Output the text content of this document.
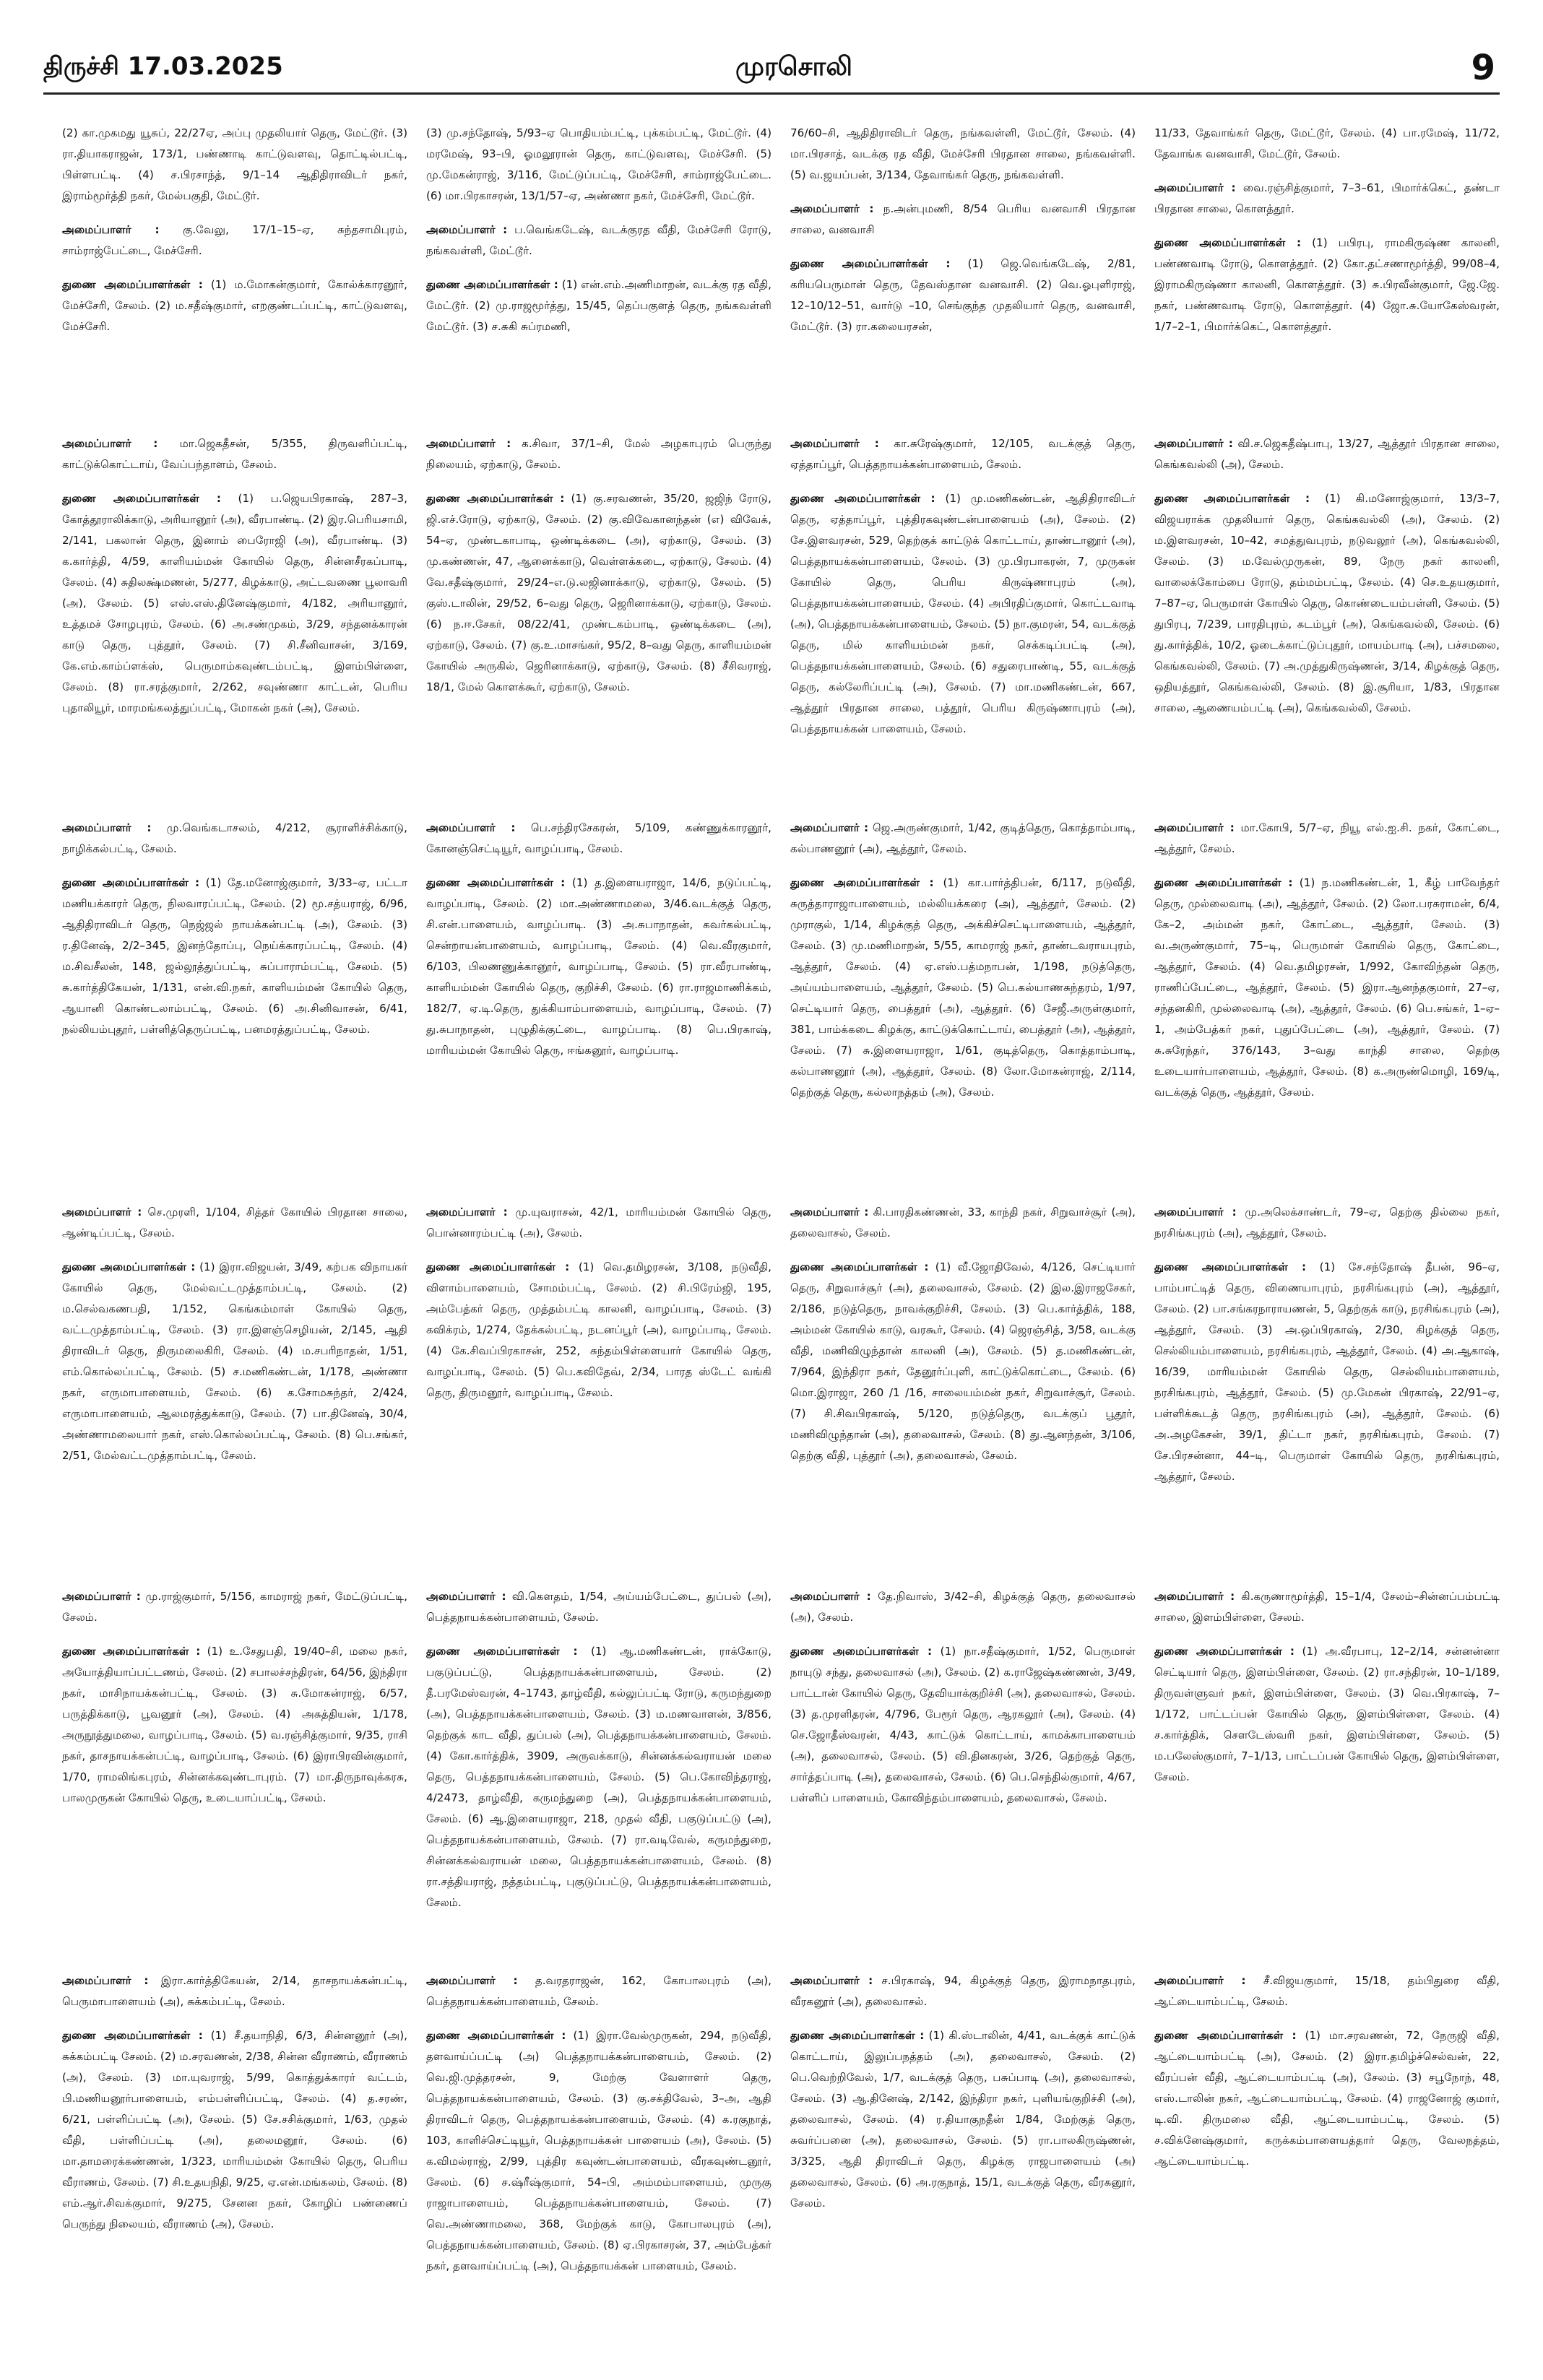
திருச்சி 17.03.2025	முரசொலி	9

(2) கா.முகமது யூசுப், 22/27ஏ, அப்பு முதலியார் தெரு, மேட்டூர். (3) ரா.தியாகராஜன், 173/1, பண்ணாடி காட்டுவளவு, தொட்டில்பட்டி, பிள்ளபட்டி. (4) ச.பிரசாந்த், 9/1–14 ஆதிதிராவிடர் நகர், இராம்மூர்த்தி நகர், மேல்பகுதி, மேட்டூர்.

அமைப்பாளர் : கு.வேலு, 17/1–15–ஏ, சுந்தசாமிபுரம், சாம்ராஜ்பேட்டை, மேச்சேரி.

துணை அமைப்பாளர்கள் : (1) ம.மோகன்குமார், கோல்க்காரனூர், மேச்சேரி, சேலம். (2) ம.சதீஷ்குமார், எறகுண்டப்பட்டி, காட்டுவளவு, மேச்சேரி.

(3) மு.சந்தோஷ், 5/93–ஏ பொதியம்பட்டி, புக்கம்பட்டி, மேட்டூர். (4) மரமேஷ், 93–பி, ஓமலூரான் தெரு, காட்டுவளவு, மேச்சேரி. (5) மு.மேகன்ராஜ், 3/116, மேட்டுப்பட்டி, மேச்சேரி, சாம்ராஜ்பேட்டை. (6) மா.பிரகாசரன், 13/1/57–ஏ, அண்ணா நகர், மேச்சேரி, மேட்டூர்.

அமைப்பாளர் : ப.வெங்கடேஷ், வடக்குரத வீதி, மேச்சேரி ரோடு, நங்கவள்ளி, மேட்டூர்.

துணை அமைப்பாளர்கள் : (1) என்.எம்.அணிமாறன், வடக்கு ரத வீதி, மேட்டூர். (2) மு.ராஜமூர்த்து, 15/45, தெப்பகுளத் தெரு, நங்கவள்ளி மேட்டூர். (3) ச.சுகி சுப்ரமணி,

76/60–சி, ஆதிதிராவிடர் தெரு, நங்கவள்ளி, மேட்டூர், சேலம். (4) மா.பிரசாத், வடக்கு ரத வீதி, மேச்சேரி பிரதான சாலை, நங்கவள்ளி. (5) வ.ஜயப்பன், 3/134, தேவாங்கர் தெரு, நங்கவள்ளி.

அமைப்பாளர் : ந.அன்புமணி, 8/54 பெரிய வனவாசி பிரதான சாலை, வனவாசி

துணை அமைப்பாளர்கள் : (1) ஜெ.வெங்கடேஷ், 2/81, கரியபெருமாள் தெரு, தேவஸ்தான வனவாசி. (2) வெ.ஓபுளிராஜ், 12–10/12–51, வார்டு –10, செங்குந்த முதலியார் தெரு, வனவாசி, மேட்டூர். (3) ரா.கலையரசன்,

11/33, தேவாங்கர் தெரு, மேட்டூர், சேலம். (4) பா.ரமேஷ், 11/72, தேவாங்க வனவாசி, மேட்டூர், சேலம்.

அமைப்பாளர் : வை.ரஞ்சித்குமார், 7–3–61, பிமார்க்கெட், தண்டா பிரதான சாலை, கொளத்தூர்.

துணை அமைப்பாளர்கள் : (1) பபிரபு, ராமகிருஷ்ண காலனி, பண்ணவாடி ரோடு, கொளத்தூர். (2) கோ.தட்சணாமூர்த்தி, 99/08–4, இராமகிருஷ்ணா காலனி, கொளத்தூர். (3) சு.பிரவீன்குமார், ஜே.ஜே. நகர், பண்ணவாடி ரோடு, கொளத்தூர். (4) ஜோ.சு.யோகேஸ்வரன், 1/7–2–1, பிமார்க்கெட், கொளத்தூர்.

அமைப்பாளர் : மா.ஜெகதீசன், 5/355, திருவளிப்பட்டி, காட்டுக்கொட்டாய், வேப்பந்தாளம், சேலம்.

துணை அமைப்பாளர்கள் : (1) ப.ஜெயபிரகாஷ், 287–3, கோத்தூராலிக்காடு, அரியானூர் (அ), வீரபாண்டி. (2) இர.பெரியசாமி, 2/141, பகலான் தெரு, இனாம் பைரோஜி (அ), வீரபாண்டி. (3) க.கார்த்தி, 4/59, காளியம்மன் கோயில் தெரு, சின்னசீரகப்பாடி, சேலம். (4) சுதிலக்ஷ்மணன், 5/277, கிழக்காடு, அட்டவணை பூலாவரி (அ), சேலம். (5) எஸ்.எஸ்.தினேஷ்குமார், 4/182, அரியானூர், உத்தமச் சோழபுரம், சேலம். (6) அ.சண்முகம், 3/29, சந்தனக்காரன் காடு தெரு, புத்தூர், சேலம். (7) சி.சீனிவாசன், 3/169, கே.எம்.காம்ப்ளக்ஸ், பெருமாம்கவுண்டம்பட்டி, இளம்பிள்ளை, சேலம். (8) ரா.சரத்குமார், 2/262, சவுண்ணா காட்டன், பெரிய புதாலியூர், மாரமங்கலத்துப்பட்டி, மோகன் நகர் (அ), சேலம்.

அமைப்பாளர் : க.சிவா, 37/1–சி, மேல் அழகாபுரம் பெருந்து நிலையம், ஏற்காடு, சேலம்.

துணை அமைப்பாளர்கள் : (1) கு.சரவணன், 35/20, ஜஜிந் ரோடு, ஜி.எச்.ரோடு, ஏற்காடு, சேலம். (2) கு.விவேகானந்தன் (எ) விவேக், 54–ஏ, முண்டகாபாடி, ஒண்டிக்கடை (அ), ஏற்காடு, சேலம். (3) மு.கண்ணன், 47, ஆனைக்காடு, வெள்ளக்கடை, ஏற்காடு, சேலம். (4) வே.சதீஷ்குமார், 29/24–எ.டு.லஜினாக்காடு, ஏற்காடு, சேலம். (5) குஸ்.டாலின், 29/52, 6–வது தெரு, ஜெரினாக்காடு, ஏற்காடு, சேலம். (6) ந.ஈ.சேகர், 08/22/41, முண்டகம்பாடி, ஒண்டிக்கடை (அ), ஏற்காடு, சேலம். (7) கு.உ.மாசங்கர், 95/2, 8–வது தெரு, காளியம்மன் கோயில் அருகில், ஜெரினாக்காடு, ஏற்காடு, சேலம். (8) சீசிவராஜ், 18/1, மேல் கொளக்கூர், ஏற்காடு, சேலம்.

அமைப்பாளர் : கா.சுரேஷ்குமார், 12/105, வடக்குத் தெரு, ஏத்தாப்பூர், பெத்தநாயக்கன்பாளையம், சேலம்.

துணை அமைப்பாளர்கள் : (1) மு.மணிகண்டன், ஆதிதிராவிடர் தெரு, ஏத்தாப்பூர், புத்திரகவுண்டன்பாளையம் (அ), சேலம். (2) சே.இளவரசன், 529, தெற்குக் காட்டுக் கொட்டாய், தாண்டானூர் (அ), பெத்தநாயக்கன்பாளையம், சேலம். (3) மு.பிரபாகரன், 7, முருகன் கோயில் தெரு, பெரிய கிருஷ்ணாபுரம் (அ), பெத்தநாயக்கன்பாளையம், சேலம். (4) அபிரதிப்குமார், கொட்டவாடி (அ), பெத்தநாயக்கன்பாளையம், சேலம். (5) நா.குமரன், 54, வடக்குத் தெரு, மில் காளியம்மன் நகர், செக்கடிப்பட்டி (அ), பெத்தநாயக்கன்பாளையம், சேலம். (6) சதுரைபாண்டி, 55, வடக்குத் தெரு, கல்லேரிப்பட்டி (அ), சேலம். (7) மா.மணிகண்டன், 667, ஆத்தூர் பிரதான சாலை, பத்தூர், பெரிய கிருஷ்ணாபுரம் (அ), பெத்தநாயக்கன் பாளையம், சேலம்.

அமைப்பாளர் : வி.ச.ஜெகதீஷ்பாபு, 13/27, ஆத்தூர் பிரதான சாலை, கெங்கவல்லி (அ), சேலம்.

துணை அமைப்பாளர்கள் : (1) கி.மனோஜ்குமார், 13/3–7, விஜயராக்க முதலியார் தெரு, கெங்கவல்லி (அ), சேலம். (2) ம.இளவரசன், 10–42, சமத்துவபுரம், நடுவலூர் (அ), கெங்கவல்லி, சேலம். (3) ம.வேல்முருகன், 89, நேரு நகர் காலனி, வாலைக்கோம்பை ரோடு, தம்மம்பட்டி, சேலம். (4) செ.உதயகுமார், 7–87–ஏ, பெருமாள் கோயில் தெரு, கொண்டையம்பள்ளி, சேலம். (5) துபிரபு, 7/239, பாரதிபுரம், கடம்பூர் (அ), கெங்கவல்லி, சேலம். (6) து.கார்த்திக், 10/2, ஓடைக்காட்டுப்புதூர், மாயம்பாடி (அ), பச்சமலை, கெங்கவல்லி, சேலம். (7) அ.முத்துகிருஷ்ணன், 3/14, கிழக்குத் தெரு, ஒதியத்தூர், கெங்கவல்லி, சேலம். (8) இ.சூரியா, 1/83, பிரதான சாலை, ஆணையம்பட்டி (அ), கெங்கவல்லி, சேலம்.

அமைப்பாளர் : மு.வெங்கடாசலம், 4/212, சூராளிச்சிக்காடு, நாழிக்கல்பட்டி, சேலம்.

துணை அமைப்பாளர்கள் : (1) தே.மனோஜ்குமார், 3/33–ஏ, பட்டா மணியக்காரர் தெரு, நிலவாரப்பட்டி, சேலம். (2) மூ.சத்யராஜ், 6/96, ஆதிதிராவிடர் தெரு, நெஜ்ஜல் நாயக்கன்பட்டி (அ), சேலம். (3) ர.தினேஷ், 2/2–345, இனந்தோப்பு, நெய்க்காரப்பட்டி, சேலம். (4) ம.சிவசீலன், 148, ஜல்லூத்துப்பட்டி, சுப்பாராம்பட்டி, சேலம். (5) சு.கார்த்திகேயன், 1/131, என்.வி.நகர், காளியம்மன் கோயில் தெரு, ஆயானி கொண்டலாம்பட்டி, சேலம். (6) அ.சினிவாசன், 6/41, நல்லியம்புதூர், பள்ளித்தெருப்பட்டி, பனமரத்துப்பட்டி, சேலம்.

அமைப்பாளர் : பெ.சந்திரசேகரன், 5/109, கண்ணுக்காரனூர், கோனஞ்செட்டியூர், வாழப்பாடி, சேலம்.

துணை அமைப்பாளர்கள் : (1) த.இளையராஜா, 14/6, நடுப்பட்டி, வாழப்பாடி, சேலம். (2) மா.அண்ணாமலை, 3/46.வடக்குத் தெரு, சி.என்.பாளையம், வாழப்பாடி. (3) அ.சுபாநாதன், கவர்கல்பட்டி, சென்றாயன்பாளையம், வாழப்பாடி, சேலம். (4) வெ.வீரகுமார், 6/103, பிலணணுக்கானூர், வாழப்பாடி, சேலம். (5) ரா.வீரபாண்டி, காளியம்மன் கோயில் தெரு, குறிச்சி, சேலம். (6) ரா.ராஜமாணிக்கம், 182/7, ஏ.டி.தெரு, துக்கியாம்பாளையம், வாழப்பாடி, சேலம். (7) து.சுபாநாதன், புழுதிக்குட்டை, வாழப்பாடி. (8) பெ.பிரகாஷ், மாரியம்மன் கோயில் தெரு, ஈங்கனூர், வாழப்பாடி.

அமைப்பாளர் : ஜெ.அருண்குமார், 1/42, குடித்தெரு, கொத்தாம்பாடி, கல்பாணனூர் (அ), ஆத்தூர், சேலம்.

துணை அமைப்பாளர்கள் : (1) கா.பார்த்திபன், 6/117, நடுவீதி, சுருத்தாராஜாபாளையம், மல்லியக்கரை (அ), ஆத்தூர், சேலம். (2) முராகுல், 1/14, கிழக்குத் தெரு, அக்கிச்செட்டிபாளையம், ஆத்தூர், சேலம். (3) மு.மணிமாறன், 5/55, காமராஜ் நகர், தாண்டவராயபுரம், ஆத்தூர், சேலம். (4) ஏ.எஸ்.பத்மநாபன், 1/198, நடுத்தெரு, அய்யம்பாளையம், ஆத்தூர், சேலம். (5) பெ.கல்யாணசுந்தரம், 1/97, செட்டியார் தெரு, பைத்தூர் (அ), ஆத்தூர். (6) சேஜீ.அருள்குமார், 381, பாம்க்கடை கிழக்கு, காட்டுக்கொட்டாய், பைத்தூர் (அ), ஆத்தூர், சேலம். (7) சு.இளையராஜா, 1/61, குடித்தெரு, கொத்தாம்பாடி, கல்பாணனூர் (அ), ஆத்தூர், சேலம். (8) லோ.மோகன்ராஜ், 2/114, தெற்குத் தெரு, கல்லாநத்தம் (அ), சேலம்.

அமைப்பாளர் : மா.கோபி, 5/7–ஏ, நியூ எல்.ஐ.சி. நகர், கோட்டை, ஆத்தூர், சேலம்.

துணை அமைப்பாளர்கள் : (1) ந.மணிகண்டன், 1, கீழ் பாவேந்தர் தெரு, முல்லைவாடி (அ), ஆத்தூர், சேலம். (2) லோ.பரசுராமன், 6/4, கே–2, அம்மன் நகர், கோட்டை, ஆத்தூர், சேலம். (3) வ.அருண்குமார், 75–டி, பெருமாள் கோயில் தெரு, கோட்டை, ஆத்தூர், சேலம். (4) வெ.தமிழரசன், 1/992, கோவிந்தன் தெரு, ராணிப்பேட்டை, ஆத்தூர், சேலம். (5) இரா.ஆனந்தகுமார், 27–ஏ, சந்தனகிரி, முல்லைவாடி (அ), ஆத்தூர், சேலம். (6) பெ.சங்கர், 1–ஏ–1, அம்பேத்கர் நகர், புதுப்பேட்டை (அ), ஆத்தூர், சேலம். (7) சு.சுரேந்தர், 376/143, 3–வது காந்தி சாலை, தெற்கு உடையார்பாளையம், ஆத்தூர், சேலம். (8) க.அருண்மொழி, 169/டி, வடக்குத் தெரு, ஆத்தூர், சேலம்.

அமைப்பாளர் : செ.முரளி, 1/104, சித்தர் கோயில் பிரதான சாலை, ஆண்டிப்பட்டி, சேலம்.

துணை அமைப்பாளர்கள் : (1) இரா.விஜயன், 3/49, கற்பக விநாயகர் கோயில் தெரு, மேல்வட்டமுத்தாம்பட்டி, சேலம். (2) ம.செல்வகணபதி, 1/152, கெங்கம்மாள் கோயில் தெரு, வட்டமுத்தாம்பட்டி, சேலம். (3) ரா.இளஞ்செழியன், 2/145, ஆதி திராவிடர் தெரு, திருமலைகிரி, சேலம். (4) ம.சபரிநாதன், 1/51, எம்.கொல்லப்பட்டி, சேலம். (5) ச.மணிகண்டன், 1/178, அண்ணா நகர், எருமாபாளையம், சேலம். (6) க.சோமசுந்தர், 2/424, எருமாபாளையம், ஆலமரத்துக்காடு, சேலம். (7) பா.தினேஷ், 30/4, அண்ணாமலையார் நகர், எஸ்.கொல்லப்பட்டி, சேலம். (8) பெ.சங்கர், 2/51, மேல்வட்டமுத்தாம்பட்டி, சேலம்.

அமைப்பாளர் : மு.யுவராசன், 42/1, மாரியம்மன் கோயில் தெரு, பொன்னாரம்பட்டி (அ), சேலம்.

துணை அமைப்பாளர்கள் : (1) வெ.தமிழரசன், 3/108, நடுவீதி, விளாம்பாளையம், சோமம்பட்டி, சேலம். (2) சி.பிரேம்ஜி, 195, அம்பேத்கர் தெரு, முத்தம்பட்டி காலனி, வாழப்பாடி, சேலம். (3) கவிக்ரம், 1/274, தேக்கல்பட்டி, நடனப்பூர் (அ), வாழப்பாடி, சேலம். (4) கே.சிவப்பிரகாசன், 252, சுந்தம்பிள்ளையார் கோயில் தெரு, வாழப்பாடி, சேலம். (5) பெ.கவிதேவ், 2/34, பாரத ஸ்டேட் வங்கி தெரு, திருமனூர், வாழப்பாடி, சேலம்.

அமைப்பாளர் : கி.பாரதிகண்ணன், 33, காந்தி நகர், சிறுவாச்சூர் (அ), தலைவாசல், சேலம்.

துணை அமைப்பாளர்கள் : (1) வீ.ஜோதிவேல், 4/126, செட்டியார் தெரு, சிறுவாச்சூர் (அ), தலைவாசல், சேலம். (2) இல.இராஜசேகர், 2/186, நடுத்தெரு, நாவக்குறிச்சி, சேலம். (3) பெ.கார்த்திக், 188, அம்மன் கோயில் காடு, வரகூர், சேலம். (4) ஜெரஞ்சித், 3/58, வடக்கு வீதி, மணிவிழுந்தான் காலனி (அ), சேலம். (5) த.மணிகண்டன், 7/964, இந்திரா நகர், தேனூர்ப்புளி, காட்டுக்கொட்டை, சேலம். (6) மொ.இராஜா, 260 /1 /16, சாலையம்மன் நகர், சிறுவாச்சூர், சேலம். (7) சி.சிவபிரகாஷ், 5/120, நடுத்தெரு, வடக்குப் பூதூர், மணிவிழுந்தான் (அ), தலைவாசல், சேலம். (8) து.ஆனந்தன், 3/106, தெற்கு வீதி, புத்தூர் (அ), தலைவாசல், சேலம்.

அமைப்பாளர் : மு.அலெக்சாண்டர், 79–ஏ, தெற்கு தில்லை நகர், நரசிங்கபுரம் (அ), ஆத்தூர், சேலம்.

துணை அமைப்பாளர்கள் : (1) சே.சந்தோஷ் தீபன், 96–ஏ, பாம்பாட்டித் தெரு, விணையாபுரம், நரசிங்கபுரம் (அ), ஆத்தூர், சேலம். (2) பா.சங்கரநாராயணன், 5, தெற்குக் காடு, நரசிங்கபுரம் (அ), ஆத்தூர், சேலம். (3) அ.ஒப்பிரகாஷ், 2/30, கிழக்குத் தெரு, செல்லியம்பாளையம், நரசிங்கபுரம், ஆத்தூர், சேலம். (4) அ.ஆகாஷ், 16/39, மாரியம்மன் கோயில் தெரு, செல்லியம்பாளையம், நரசிங்கபுரம், ஆத்தூர், சேலம். (5) மு.மேகன் பிரகாஷ், 22/91–ஏ, பள்ளிக்கூடத் தெரு, நரசிங்கபுரம் (அ), ஆத்தூர், சேலம். (6) அ.அழகேசன், 39/1, திட்டா நகர், நரசிங்கபுரம், சேலம். (7) சே.பிரசன்னா, 44–டி, பெருமாள் கோயில் தெரு, நரசிங்கபுரம், ஆத்தூர், சேலம்.

அமைப்பாளர் : மு.ராஜ்குமார், 5/156, காமராஜ் நகர், மேட்டுப்பட்டி, சேலம்.

துணை அமைப்பாளர்கள் : (1) உ.சேதுபதி, 19/40–சி, மலை நகர், அயோத்தியாப்பட்டணம், சேலம். (2) சபாலச்சந்திரன், 64/56, இந்திரா நகர், மாசிநாயக்கன்பட்டி, சேலம். (3) சு.மோகன்ராஜ், 6/57, பருத்திக்காடு, பூவனூர் (அ), சேலம். (4) அசுத்தியன், 1/178, அருநூத்துமலை, வாழப்பாடி, சேலம். (5) வ.ரஞ்சித்குமார், 9/35, ராசி நகர், தாசநாயக்கன்பட்டி, வாழப்பாடி, சேலம். (6) இராபிரவின்குமார், 1/70, ராமலிங்கபுரம், சின்னக்கவுண்டாபுரம். (7) மா.திருநாவுக்கரசு, பாலமுருகன் கோயில் தெரு, உடையாப்பட்டி, சேலம்.

அமைப்பாளர் : வி.கௌதம், 1/54, அய்யம்பேட்டை, துப்பல் (அ), பெத்தநாயக்கன்பாளையம், சேலம்.

துணை அமைப்பாளர்கள் : (1) ஆ.மணிகண்டன், ராக்கோடு, பகுடுப்பட்டு, பெத்தநாயக்கன்பாளையம், சேலம். (2) தீ.பரமேஸ்வரன், 4–1743, தாழ்வீதி, கல்லுப்பட்டி ரோடு, கருமந்துறை (அ), பெத்தநாயக்கன்பாளையம், சேலம். (3) ம.மணவாளன், 3/856, தெற்குக் காட வீதி, துப்பல் (அ), பெத்தநாயக்கன்பாளையம், சேலம். (4) கோ.கார்த்திக், 3909, அருவக்காடு, சின்னக்கல்வராயன் மலை தெரு, பெத்தநாயக்கன்பாளையம், சேலம். (5) பெ.கோவிந்தராஜ், 4/2473, தாழ்வீதி, கருமந்துறை (அ), பெத்தநாயக்கன்பாளையம், சேலம். (6) ஆ.இளையராஜா, 218, முதல் வீதி, பகுடுப்பட்டு (அ), பெத்தநாயக்கன்பாளையம், சேலம். (7) ரா.வடிவேல், கருமந்துறை, சின்னக்கல்வராயன் மலை, பெத்தநாயக்கன்பாளையம், சேலம். (8) ரா.சத்தியராஜ், நத்தம்பட்டி, புகுடுப்பட்டு, பெத்தநாயக்கன்பாளையம், சேலம்.

அமைப்பாளர் : தே.நிவாஸ், 3/42–சி, கிழக்குத் தெரு, தலைவாசல் (அ), சேலம்.

துணை அமைப்பாளர்கள் : (1) நா.சதீஷ்குமார், 1/52, பெருமாள் நாயுடு சந்து, தலைவாசல் (அ), சேலம். (2) க.ராஜேஷ்கண்ணன், 3/49, பாட்டான் கோயில் தெரு, தேவியாக்குறிச்சி (அ), தலைவாசல், சேலம். (3) த.முரளிதரன், 4/796, பேரூர் தெரு, ஆரகலூர் (அ), சேலம். (4) செ.ஜோதீஸ்வரன், 4/43, காட்டுக் கொட்டாய், காமக்காபாளையம் (அ), தலைவாசல், சேலம். (5) வி.தினகரன், 3/26, தெற்குத் தெரு, சார்த்தப்பாடி (அ), தலைவாசல், சேலம். (6) பெ.செந்தில்குமார், 4/67, பள்ளிப் பாளையம், கோவிந்தம்பாளையம், தலைவாசல், சேலம்.

அமைப்பாளர் : கி.கருணாமூர்த்தி, 15–1/4, சேலம்–சின்னப்பம்பட்டி சாலை, இளம்பிள்ளை, சேலம்.

துணை அமைப்பாளர்கள் : (1) அ.வீரபாபு, 12–2/14, சன்னன்னா செட்டியார் தெரு, இளம்பிள்ளை, சேலம். (2) ரா.சந்திரன், 10–1/189, திருவள்ளுவர் நகர், இளம்பிள்ளை, சேலம். (3) வெ.பிரகாஷ், 7–1/172, பாட்டப்பன் கோயில் தெரு, இளம்பிள்ளை, சேலம். (4) ச.கார்த்திக், செளடேஸ்வரி நகர், இளம்பிள்ளை, சேலம். (5) ம.பலேஸ்குமார், 7–1/13, பாட்டப்பன் கோயில் தெரு, இளம்பிள்ளை, சேலம்.

அமைப்பாளர் : இரா.கார்த்திகேயன், 2/14, தாசநாயக்கன்பட்டி, பெருமாபாளையம் (அ), சுக்கம்பட்டி, சேலம்.

துணை அமைப்பாளர்கள் : (1) சீ.தயாநிதி, 6/3, சின்னனூர் (அ), சுக்கம்பட்டி சேலம். (2) ம.சரவணன், 2/38, சின்ன வீராணம், வீராணம் (அ), சேலம். (3) மா.யுவராஜ், 5/99, கொத்துக்காரர் வட்டம், பி.மணியனூர்பாளையம், எம்பள்ளிப்பட்டி, சேலம். (4) த.சரண், 6/21, பள்ளிப்பட்டி (அ), சேலம். (5) சே.சசிக்குமார், 1/63, முதல் வீதி, பள்ளிப்பட்டி (அ), தலைமனூர், சேலம். (6) மா.தாமரைக்கண்ணன், 1/323, மாரியம்மன் கோயில் தெரு, பெரிய வீராணம், சேலம். (7) சி.உதயநிதி, 9/25, ஏ.என்.மங்கலம், சேலம். (8) எம்.ஆர்.சிவக்குமார், 9/275, சேனன நகர், கோழிப் பண்ணைப் பெருந்து நிலையம், வீராணம் (அ), சேலம்.

அமைப்பாளர் : த.வரதராஜன், 162, கோபாலபுரம் (அ), பெத்தநாயக்கன்பாளையம், சேலம்.

துணை அமைப்பாளர்கள் : (1) இரா.வேல்முருகன், 294, நடுவீதி, தளவாய்ப்பட்டி (அ) பெத்தநாயக்கன்பாளையம், சேலம். (2) வெ.ஜி.முத்தரசன், 9, மேற்கு வேளாளர் தெரு, பெத்தநாயக்கன்பாளையம், சேலம். (3) கு.சக்திவேல், 3–அ, ஆதி திராவிடர் தெரு, பெத்தநாயக்கன்பாளையம், சேலம். (4) க.ரகுநாத், 103, காளிச்செட்டியூர், பெத்தநாயக்கன் பாளையம் (அ), சேலம். (5) க.விமல்ராஜ், 2/99, புத்திர கவுண்டன்பாளையம், வீரகவுண்டனூர், சேலம். (6) ச.ஷ்ரீஷ்குமார், 54–பி, அம்மம்பாளையம், முருகு ராஜாபாளையம், பெத்தநாயக்கன்பாளையம், சேலம். (7) வெ.அண்ணாமலை, 368, மேற்குக் காடு, கோபாலபுரம் (அ), பெத்தநாயக்கன்பாளையம், சேலம். (8) ஏ.பிரகாசரன், 37, அம்பேத்கர் நகர், தளவாய்ப்பட்டி (அ), பெத்தநாயக்கன் பாளையம், சேலம்.

அமைப்பாளர் : ச.பிரகாஷ், 94, கிழக்குத் தெரு, இராமநாதபுரம், வீரகனூர் (அ), தலைவாசல்.

துணை அமைப்பாளர்கள் : (1) கி.ஸ்டாலின், 4/41, வடக்குக் காட்டுக் கொட்டாய், இலுப்பநத்தம் (அ), தலைவாசல், சேலம். (2) பெ.வெற்றிவேல், 1/7, வடக்குத் தெரு, பசுப்பாடி (அ), தலைவாசல், சேலம். (3) ஆ.தினேஷ், 2/142, இந்திரா நகர், புளியங்குறிச்சி (அ), தலைவாசல், சேலம். (4) ர.தியாகுநதீன் 1/84, மேற்குத் தெரு, சுவர்ப்பனை (அ), தலைவாசல், சேலம். (5) ரா.பாலகிருஷ்ணன், 3/325, ஆதி திராவிடர் தெரு, கிழக்கு ராஜபாளையம் (அ) தலைவாசல், சேலம். (6) அ.ரகுநாத், 15/1, வடக்குத் தெரு, வீரகனூர், சேலம்.

அமைப்பாளர் : சீ.விஜயகுமார், 15/18, தம்பிதுரை வீதி, ஆட்டையாம்பட்டி, சேலம்.

துணை அமைப்பாளர்கள் : (1) மா.சரவணன், 72, நேருஜி வீதி, ஆட்டையாம்பட்டி (அ), சேலம். (2) இரா.தமிழ்ச்செல்வன், 22, வீரப்பன் வீதி, ஆட்டையாம்பட்டி (அ), சேலம். (3) சபூநோந், 48, எஸ்.டாலின் நகர், ஆட்டையாம்பட்டி, சேலம். (4) ராஜனோஜ் குமார், டி.வி. திருமலை வீதி, ஆட்டையாம்பட்டி, சேலம். (5) ச.விக்னேஷ்குமார், கருக்கம்பாளையத்தார் தெரு, வேலநத்தம், ஆட்டையாம்பட்டி.
